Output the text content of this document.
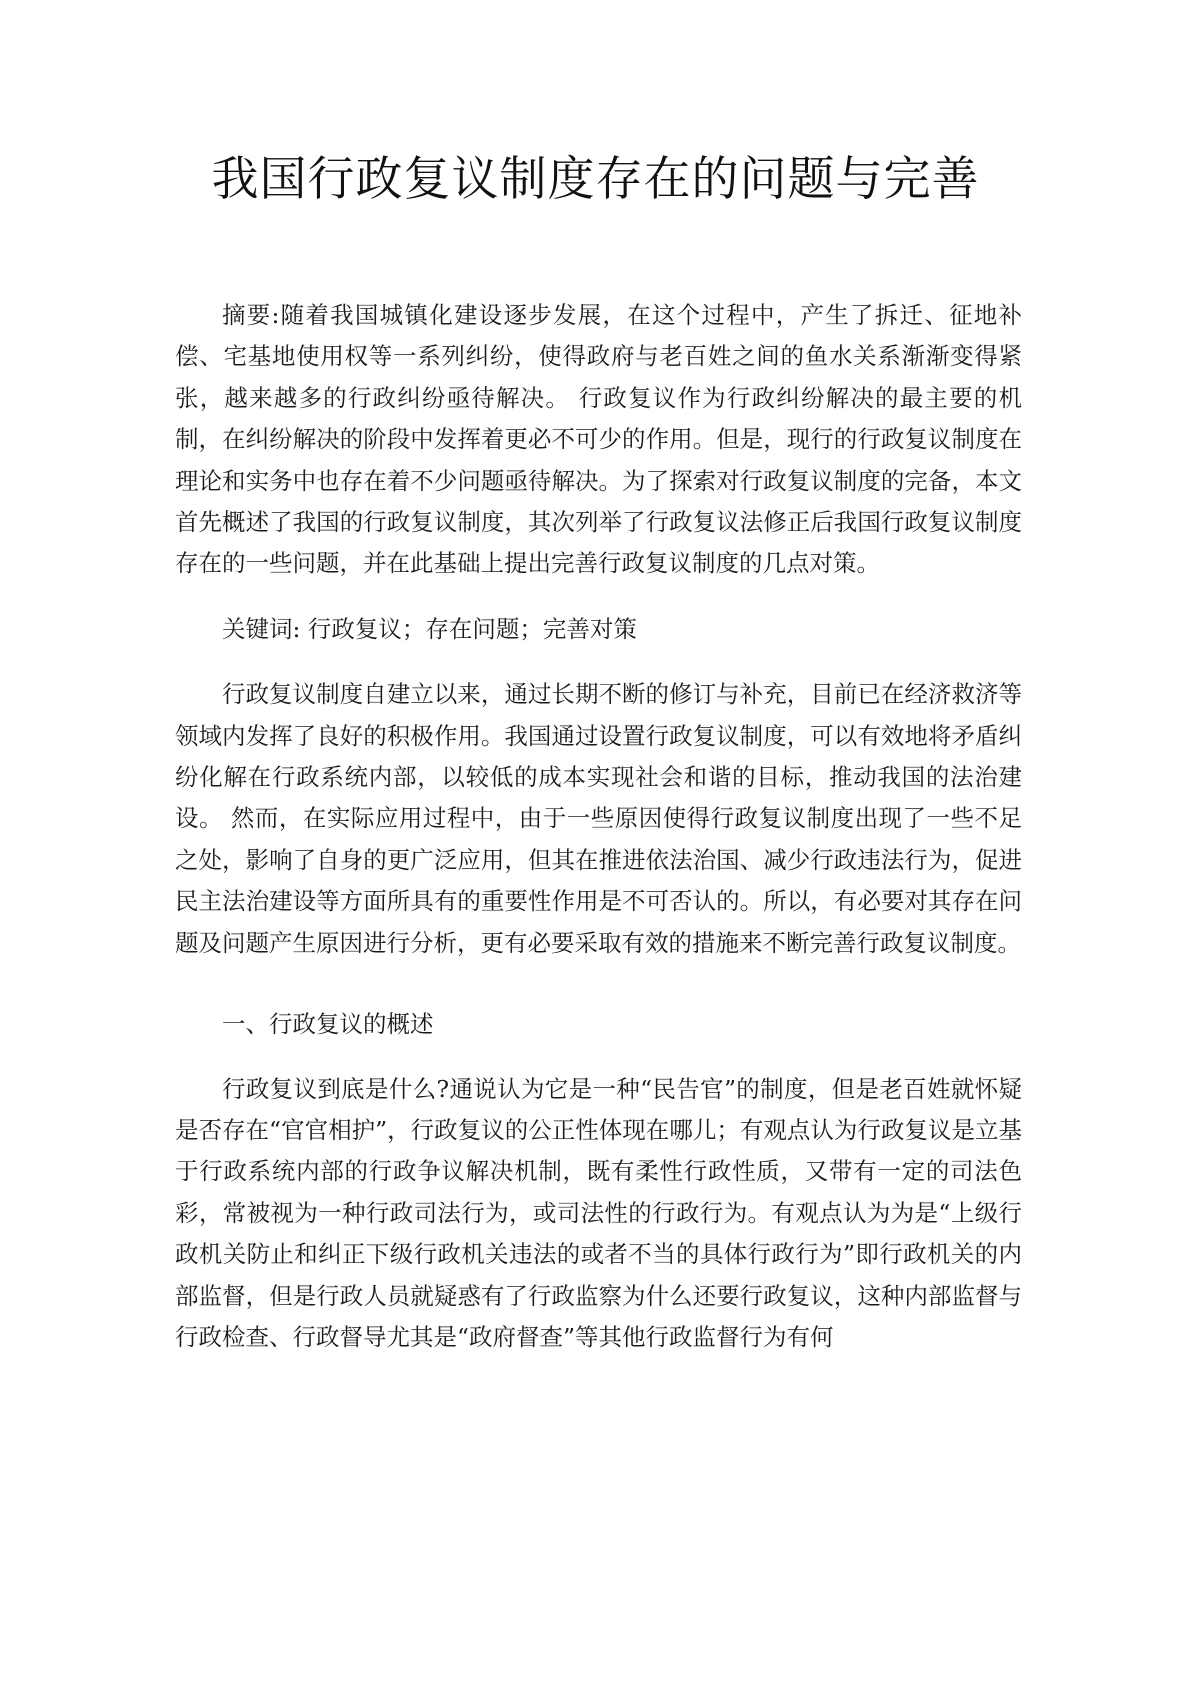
我国行政复议制度存在的问题与完善

摘要:随着我国城镇化建设逐步发展，在这个过程中，产生了拆迁、征地补偿、宅基地使用权等一系列纠纷，使得政府与老百姓之间的鱼水关系渐渐变得紧张，越来越多的行政纠纷亟待解决。 行政复议作为行政纠纷解决的最主要的机制，在纠纷解决的阶段中发挥着更必不可少的作用。但是，现行的行政复议制度在理论和实务中也存在着不少问题亟待解决。为了探索对行政复议制度的完备，本文首先概述了我国的行政复议制度，其次列举了行政复议法修正后我国行政复议制度存在的一些问题，并在此基础上提出完善行政复议制度的几点对策。

关键词: 行政复议；存在问题；完善对策

行政复议制度自建立以来，通过长期不断的修订与补充，目前已在经济救济等领域内发挥了良好的积极作用。我国通过设置行政复议制度，可以有效地将矛盾纠纷化解在行政系统内部，以较低的成本实现社会和谐的目标，推动我国的法治建设。 然而，在实际应用过程中，由于一些原因使得行政复议制度出现了一些不足之处，影响了自身的更广泛应用，但其在推进依法治国、减少行政违法行为，促进民主法治建设等方面所具有的重要性作用是不可否认的。所以，有必要对其存在问题及问题产生原因进行分析，更有必要采取有效的措施来不断完善行政复议制度。

一、行政复议的概述

行政复议到底是什么?通说认为它是一种“民告官”的制度，但是老百姓就怀疑是否存在“官官相护”，行政复议的公正性体现在哪儿；有观点认为行政复议是立基于行政系统内部的行政争议解决机制，既有柔性行政性质，又带有一定的司法色彩，常被视为一种行政司法行为，或司法性的行政行为。有观点认为为是“上级行政机关防止和纠正下级行政机关违法的或者不当的具体行政行为”即行政机关的内部监督，但是行政人员就疑惑有了行政监察为什么还要行政复议，这种内部监督与行政检查、行政督导尤其是“政府督查”等其他行政监督行为有何
